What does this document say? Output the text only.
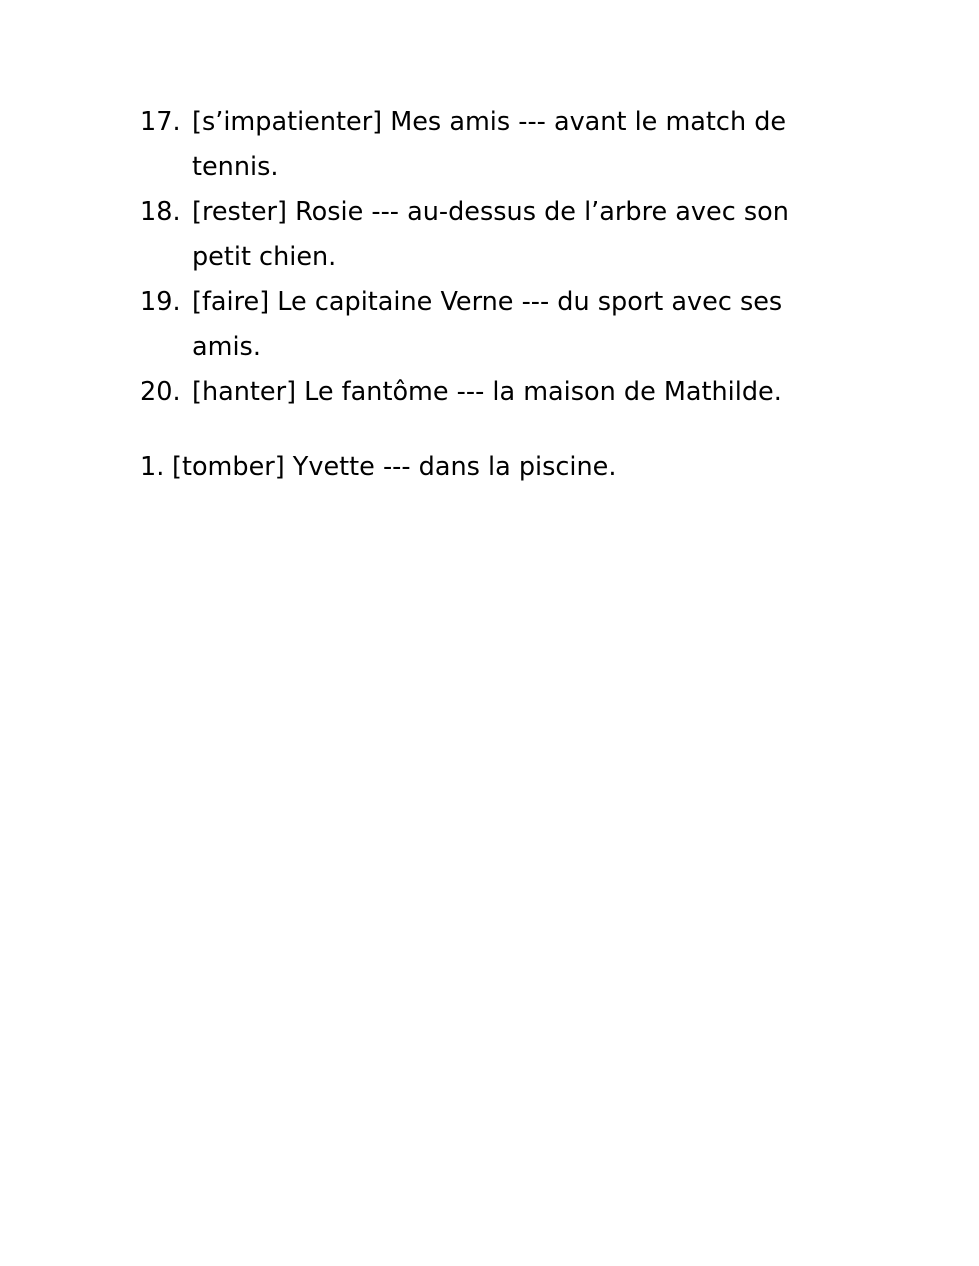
17. [s’impatienter] Mes amis --- avant le match de tennis.
18. [rester] Rosie --- au-dessus de l’arbre avec son petit chien.
19. [faire] Le capitaine Verne --- du sport avec ses amis.
20. [hanter] Le fantôme --- la maison de Mathilde.
1. [tomber] Yvette --- dans la piscine.
